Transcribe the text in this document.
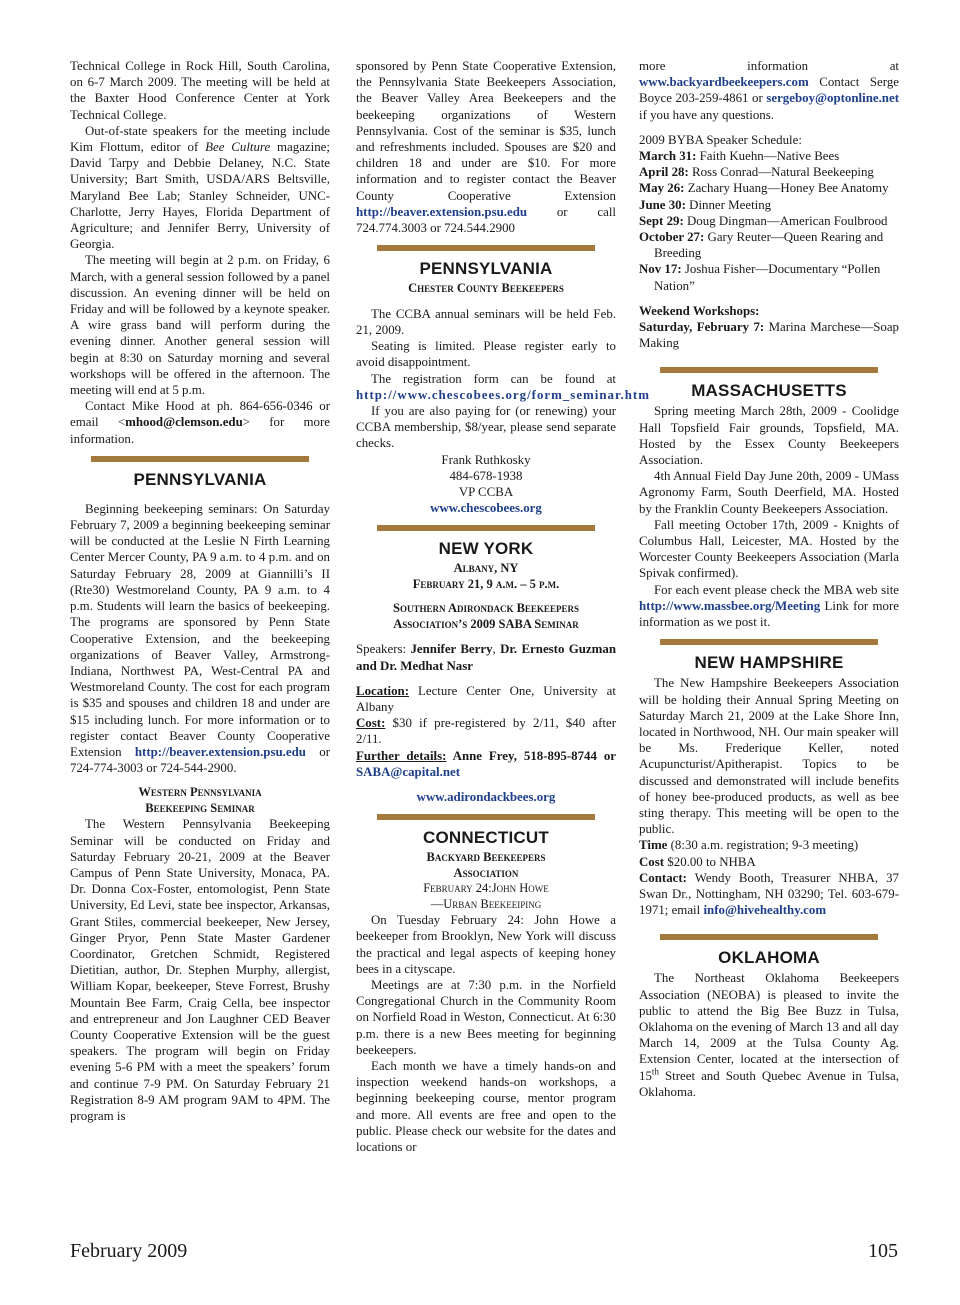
Technical College in Rock Hill, South Carolina, on 6-7 March 2009. The meeting will be held at the Baxter Hood Conference Center at York Technical College.

Out-of-state speakers for the meeting include Kim Flottum, editor of Bee Culture magazine; David Tarpy and Debbie Delaney, N.C. State University; Bart Smith, USDA/ARS Beltsville, Maryland Bee Lab; Stanley Schneider, UNC-Charlotte, Jerry Hayes, Florida Department of Agriculture; and Jennifer Berry, University of Georgia.

The meeting will begin at 2 p.m. on Friday, 6 March, with a general session followed by a panel discussion. An evening dinner will be held on Friday and will be followed by a keynote speaker. A wire grass band will perform during the evening dinner. Another general session will begin at 8:30 on Saturday morning and several workshops will be offered in the afternoon. The meeting will end at 5 p.m.

Contact Mike Hood at ph. 864-656-0346 or email <mhood@clemson.edu> for more information.

PENNSYLVANIA

Beginning beekeeping seminars: On Saturday February 7, 2009 a beginning beekeeping seminar will be conducted at the Leslie N Firth Learning Center Mercer County, PA 9 a.m. to 4 p.m. and on Saturday February 28, 2009 at Giannilli’s II (Rte30) Westmoreland County, PA 9 a.m. to 4 p.m. Students will learn the basics of beekeeping. The programs are sponsored by Penn State Cooperative Extension, and the beekeeping organizations of Beaver Valley, Armstrong-Indiana, Northwest PA, West-Central PA and Westmoreland County. The cost for each program is $35 and spouses and children 18 and under are $15 including lunch. For more information or to register contact Beaver County Cooperative Extension http://beaver.extension.psu.edu or 724-774-3003 or 724-544-2900.

Western Pennsylvania
Beekeeping Seminar

The Western Pennsylvania Beekeeping Seminar will be conducted on Friday and Saturday February 20-21, 2009 at the Beaver Campus of Penn State University, Monaca, PA. Dr. Donna Cox-Foster, entomologist, Penn State University, Ed Levi, state bee inspector, Arkansas, Grant Stiles, commercial beekeeper, New Jersey, Ginger Pryor, Penn State Master Gardener Coordinator, Gretchen Schmidt, Registered Dietitian, author, Dr. Stephen Murphy, allergist, William Kopar, beekeeper, Steve Forrest, Brushy Mountain Bee Farm, Craig Cella, bee inspector and entrepreneur and Jon Laughner CED Beaver County Cooperative Extension will be the guest speakers. The program will begin on Friday evening 5-6 PM with a meet the speakers’ forum and continue 7-9 PM. On Saturday February 21 Registration 8-9 AM program 9AM to 4PM. The program is

sponsored by Penn State Cooperative Extension, the Pennsylvania State Beekeepers Association, the Beaver Valley Area Beekeepers and the beekeeping organizations of Western Pennsylvania. Cost of the seminar is $35, lunch and refreshments included. Spouses are $20 and children 18 and under are $10. For more information and to register contact the Beaver County Cooperative Extension http://beaver.extension.psu.edu or call 724.774.3003 or 724.544.2900

PENNSYLVANIA
Chester County Beekeepers

The CCBA annual seminars will be held Feb. 21, 2009.

Seating is limited. Please register early to avoid disappointment.

The registration form can be found at http://www.chescobees.org/form_seminar.htm

If you are also paying for (or renewing) your CCBA membership, $8/year, please send separate checks.

Frank Ruthkosky
484-678-1938
VP CCBA
www.chescobees.org
NEW YORK
Albany, NY
February 21, 9 a.m. – 5 p.m.
Southern Adirondack Beekeepers
Association’s 2009 SABA Seminar

Speakers: Jennifer Berry, Dr. Ernesto Guzman and Dr. Medhat Nasr

Location: Lecture Center One, University at Albany

Cost: $30 if pre-registered by 2/11, $40 after 2/11.

Further details: Anne Frey, 518-895-8744 or SABA@capital.net

www.adirondackbees.org
CONNECTICUT
Backyard Beekeepers
Association
February 24:John Howe
—Urban Beekeeiping

On Tuesday February 24: John Howe a beekeeper from Brooklyn, New York will discuss the practical and legal aspects of keeping honey bees in a cityscape.

Meetings are at 7:30 p.m. in the Norfield Congregational Church in the Community Room on Norfield Road in Weston, Connecticut. At 6:30 p.m. there is a new Bees meeting for beginning beekeepers.

Each month we have a timely hands-on and inspection weekend hands-on workshops, a beginning beekeeping course, mentor program and more. All events are free and open to the public. Please check our website for the dates and locations or

more information at www.backyardbeekeepers.com Contact Serge Boyce 203-259-4861 or sergeboy@optonline.net if you have any questions.

2009 BYBA Speaker Schedule:

March 31: Faith Kuehn—Native Bees

April 28: Ross Conrad—Natural Beekeeping

May 26: Zachary Huang—Honey Bee Anatomy

June 30: Dinner Meeting

Sept 29: Doug Dingman—American Foulbrood

October 27: Gary Reuter—Queen Rearing and Breeding

Nov 17: Joshua Fisher—Documentary “Pollen Nation”

Weekend Workshops:

Saturday, February 7: Marina Marchese—Soap Making

MASSACHUSETTS

Spring meeting March 28th, 2009 - Coolidge Hall Topsfield Fair grounds, Topsfield, MA. Hosted by the Essex County Beekeepers Association.

4th Annual Field Day June 20th, 2009 - UMass Agronomy Farm, South Deerfield, MA. Hosted by the Franklin County Beekeepers Association.

Fall meeting October 17th, 2009 - Knights of Columbus Hall, Leicester, MA. Hosted by the Worcester County Beekeepers Association (Marla Spivak confirmed).

For each event please check the MBA web site http://www.massbee.org/Meeting Link for more information as we post it.

NEW HAMPSHIRE

The New Hampshire Beekeepers Association will be holding their Annual Spring Meeting on Saturday March 21, 2009 at the Lake Shore Inn, located in Northwood, NH. Our main speaker will be Ms. Frederique Keller, noted Acupuncturist/Apitherapist. Topics to be discussed and demonstrated will include benefits of honey bee-produced products, as well as bee sting therapy. This meeting will be open to the public.

Time (8:30 a.m. registration; 9-3 meeting)

Cost $20.00 to NHBA

Contact: Wendy Booth, Treasurer NHBA, 37 Swan Dr., Nottingham, NH 03290; Tel. 603-679-1971; email info@hivehealthy.com

OKLAHOMA

The Northeast Oklahoma Beekeepers Association (NEOBA) is pleased to invite the public to attend the Big Bee Buzz in Tulsa, Oklahoma on the evening of March 13 and all day March 14, 2009 at the Tulsa County Ag. Extension Center, located at the intersection of 15th Street and South Quebec Avenue in Tulsa, Oklahoma.

February 2009	105
